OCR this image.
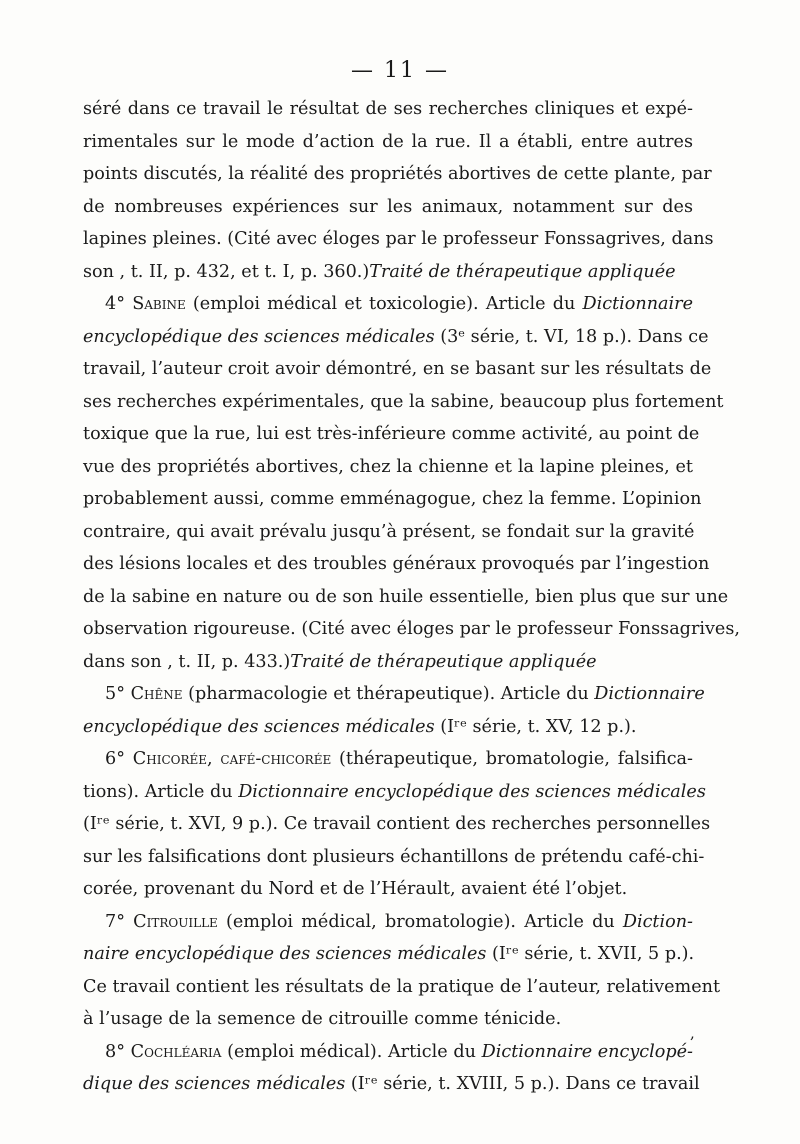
— 11 —
séré dans ce travail le résultat de ses recherches cliniques et expé-
rimentales sur le mode d’action de la rue. Il a établi, entre autres
points discutés, la réalité des propriétés abortives de cette plante, par
de nombreuses expériences sur les animaux, notamment sur des
lapines pleines. (Cité avec éloges par le professeur Fonssagrives, dans
son , t. II, p. 432, et t. I, p. 360.)Traité de thérapeutique appliquée
4° Sabine (emploi médical et toxicologie). Article du Dictionnaire
encyclopédique des sciences médicales (3ᵉ série, t. VI, 18 p.). Dans ce
travail, l’auteur croit avoir démontré, en se basant sur les résultats de
ses recherches expérimentales, que la sabine, beaucoup plus fortement
toxique que la rue, lui est très-inférieure comme activité, au point de
vue des propriétés abortives, chez la chienne et la lapine pleines, et
probablement aussi, comme emménagogue, chez la femme. L’opinion
contraire, qui avait prévalu jusqu’à présent, se fondait sur la gravité
des lésions locales et des troubles généraux provoqués par l’ingestion
de la sabine en nature ou de son huile essentielle, bien plus que sur une
observation rigoureuse. (Cité avec éloges par le professeur Fonssagrives,
dans son , t. II, p. 433.)Traité de thérapeutique appliquée
5° Chêne (pharmacologie et thérapeutique). Article du Dictionnaire
encyclopédique des sciences médicales (Iʳᵉ série, t. XV, 12 p.).
6° Chicorée, café-chicorée (thérapeutique, bromatologie, falsifica-
tions). Article du Dictionnaire encyclopédique des sciences médicales
(Iʳᵉ série, t. XVI, 9 p.). Ce travail contient des recherches personnelles
sur les falsifications dont plusieurs échantillons de prétendu café-chi-
corée, provenant du Nord et de l’Hérault, avaient été l’objet.
7° Citrouille (emploi médical, bromatologie). Article du Diction-
naire encyclopédique des sciences médicales (Iʳᵉ série, t. XVII, 5 p.).
Ce travail contient les résultats de la pratique de l’auteur, relativement
à l’usage de la semence de citrouille comme ténicide.
8° Cochléaria (emploi médical). Article du Dictionnaire encyclopé-
dique des sciences médicales (Iʳᵉ série, t. XVIII, 5 p.). Dans ce travail
,
